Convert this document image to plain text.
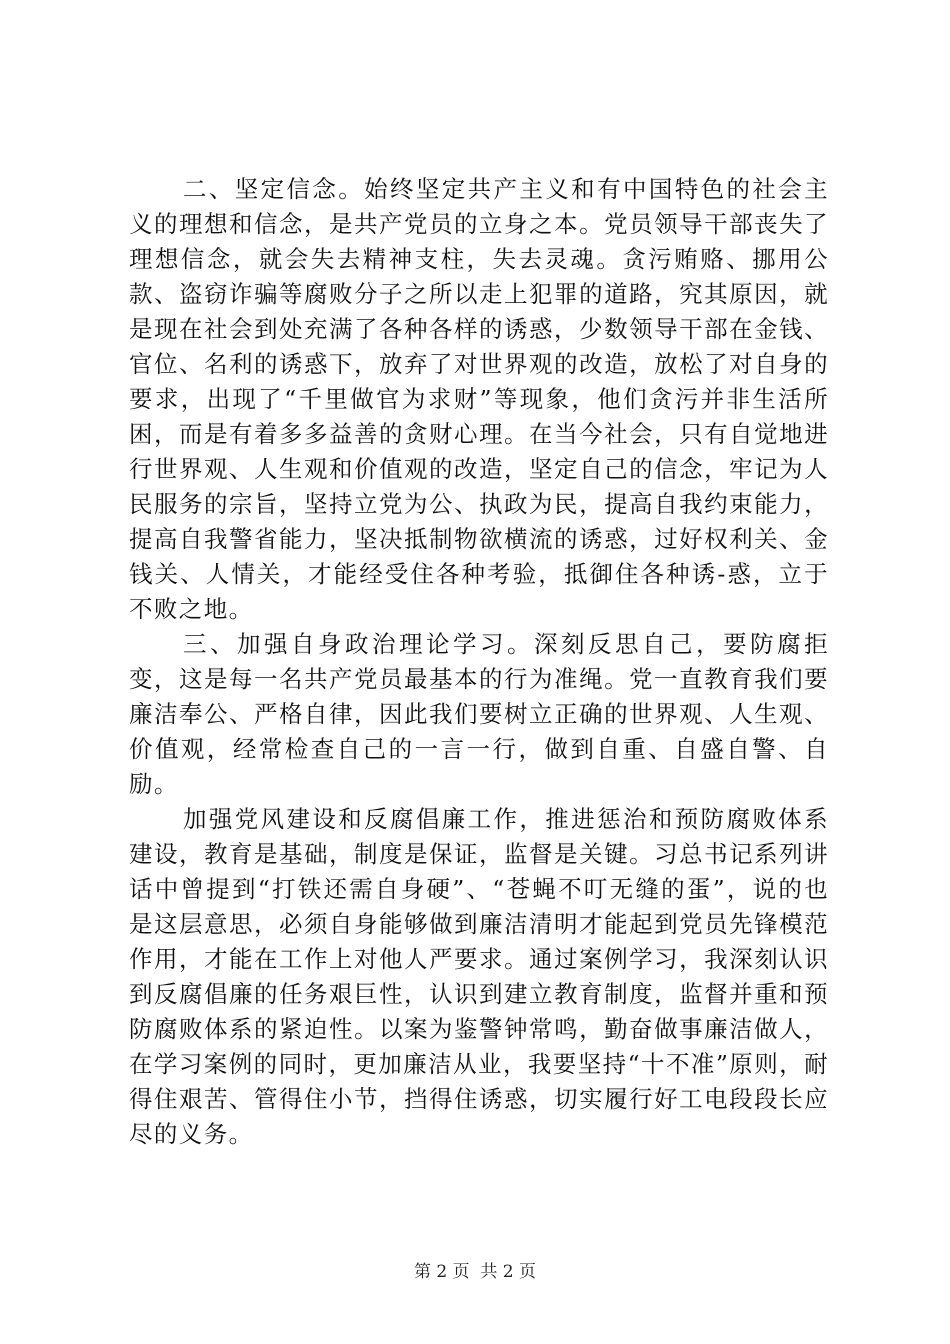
二、坚定信念。始终坚定共产主义和有中国特色的社会主义的理想和信念，是共产党员的立身之本。党员领导干部丧失了理想信念，就会失去精神支柱，失去灵魂。贪污贿赂、挪用公款、盗窃诈骗等腐败分子之所以走上犯罪的道路，究其原因，就是现在社会到处充满了各种各样的诱惑，少数领导干部在金钱、官位、名利的诱惑下，放弃了对世界观的改造，放松了对自身的要求，出现了“千里做官为求财”等现象，他们贪污并非生活所困，而是有着多多益善的贪财心理。在当今社会，只有自觉地进行世界观、人生观和价值观的改造，坚定自己的信念，牢记为人民服务的宗旨，坚持立党为公、执政为民，提高自我约束能力，提高自我警省能力，坚决抵制物欲横流的诱惑，过好权利关、金钱关、人情关，才能经受住各种考验，抵御住各种诱-惑，立于不败之地。

三、加强自身政治理论学习。深刻反思自己，要防腐拒变，这是每一名共产党员最基本的行为准绳。党一直教育我们要廉洁奉公、严格自律，因此我们要树立正确的世界观、人生观、价值观，经常检查自己的一言一行，做到自重、自盛自警、自励。

加强党风建设和反腐倡廉工作，推进惩治和预防腐败体系建设，教育是基础，制度是保证，监督是关键。习总书记系列讲话中曾提到“打铁还需自身硬”、“苍蝇不叮无缝的蛋”，说的也是这层意思，必须自身能够做到廉洁清明才能起到党员先锋模范作用，才能在工作上对他人严要求。通过案例学习，我深刻认识到反腐倡廉的任务艰巨性，认识到建立教育制度，监督并重和预防腐败体系的紧迫性。以案为鉴警钟常鸣，勤奋做事廉洁做人，在学习案例的同时，更加廉洁从业，我要坚持“十不准”原则，耐得住艰苦、管得住小节，挡得住诱惑，切实履行好工电段段长应尽的义务。

第 2 页  共 2 页
